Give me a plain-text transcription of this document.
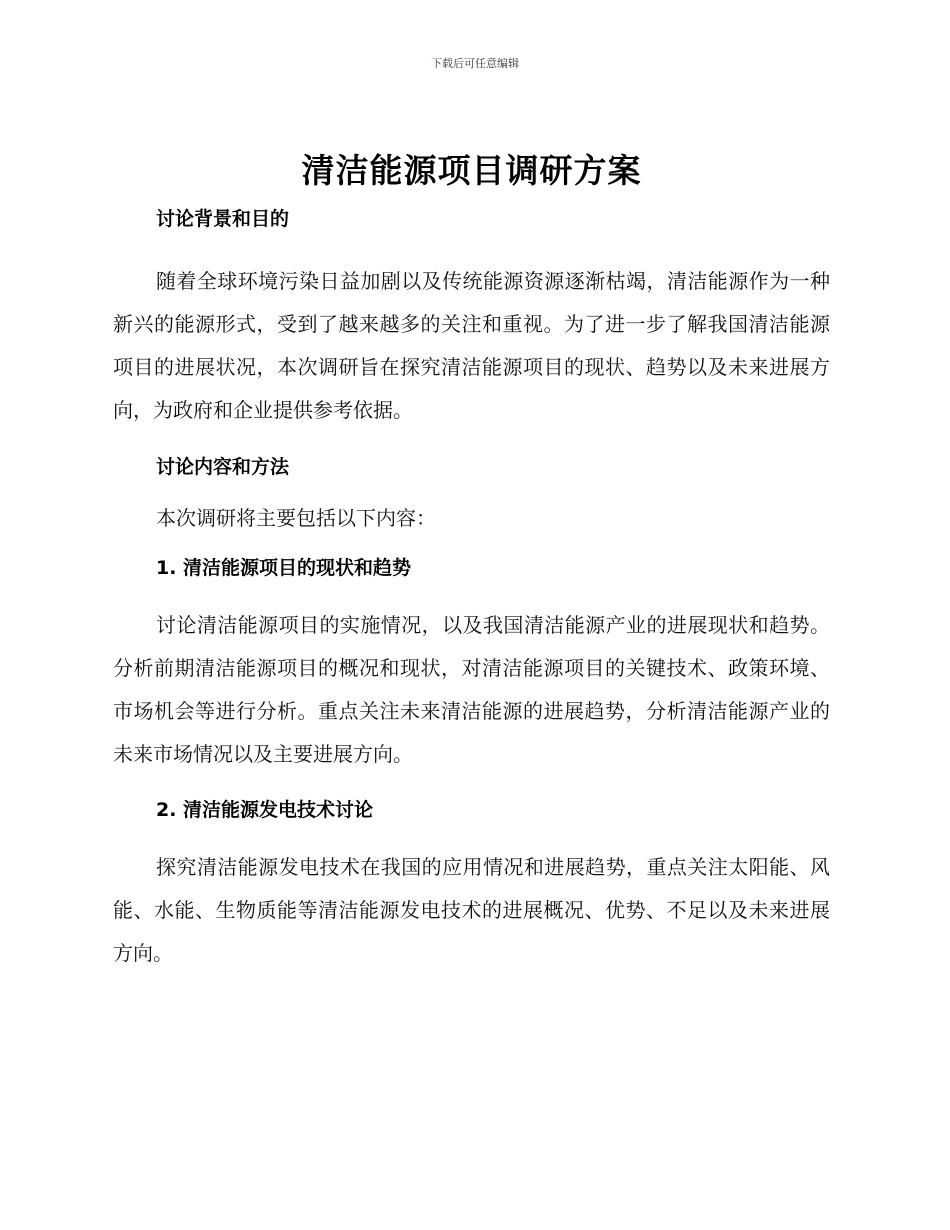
下载后可任意编辑
清洁能源项目调研方案
讨论背景和目的

随着全球环境污染日益加剧以及传统能源资源逐渐枯竭，清洁能源作为一种新兴的能源形式，受到了越来越多的关注和重视。为了进一步了解我国清洁能源项目的进展状况，本次调研旨在探究清洁能源项目的现状、趋势以及未来进展方向，为政府和企业提供参考依据。

讨论内容和方法

本次调研将主要包括以下内容：

1. 清洁能源项目的现状和趋势

讨论清洁能源项目的实施情况，以及我国清洁能源产业的进展现状和趋势。分析前期清洁能源项目的概况和现状，对清洁能源项目的关键技术、政策环境、市场机会等进行分析。重点关注未来清洁能源的进展趋势，分析清洁能源产业的未来市场情况以及主要进展方向。

2. 清洁能源发电技术讨论

探究清洁能源发电技术在我国的应用情况和进展趋势，重点关注太阳能、风能、水能、生物质能等清洁能源发电技术的进展概况、优势、不足以及未来进展方向。
